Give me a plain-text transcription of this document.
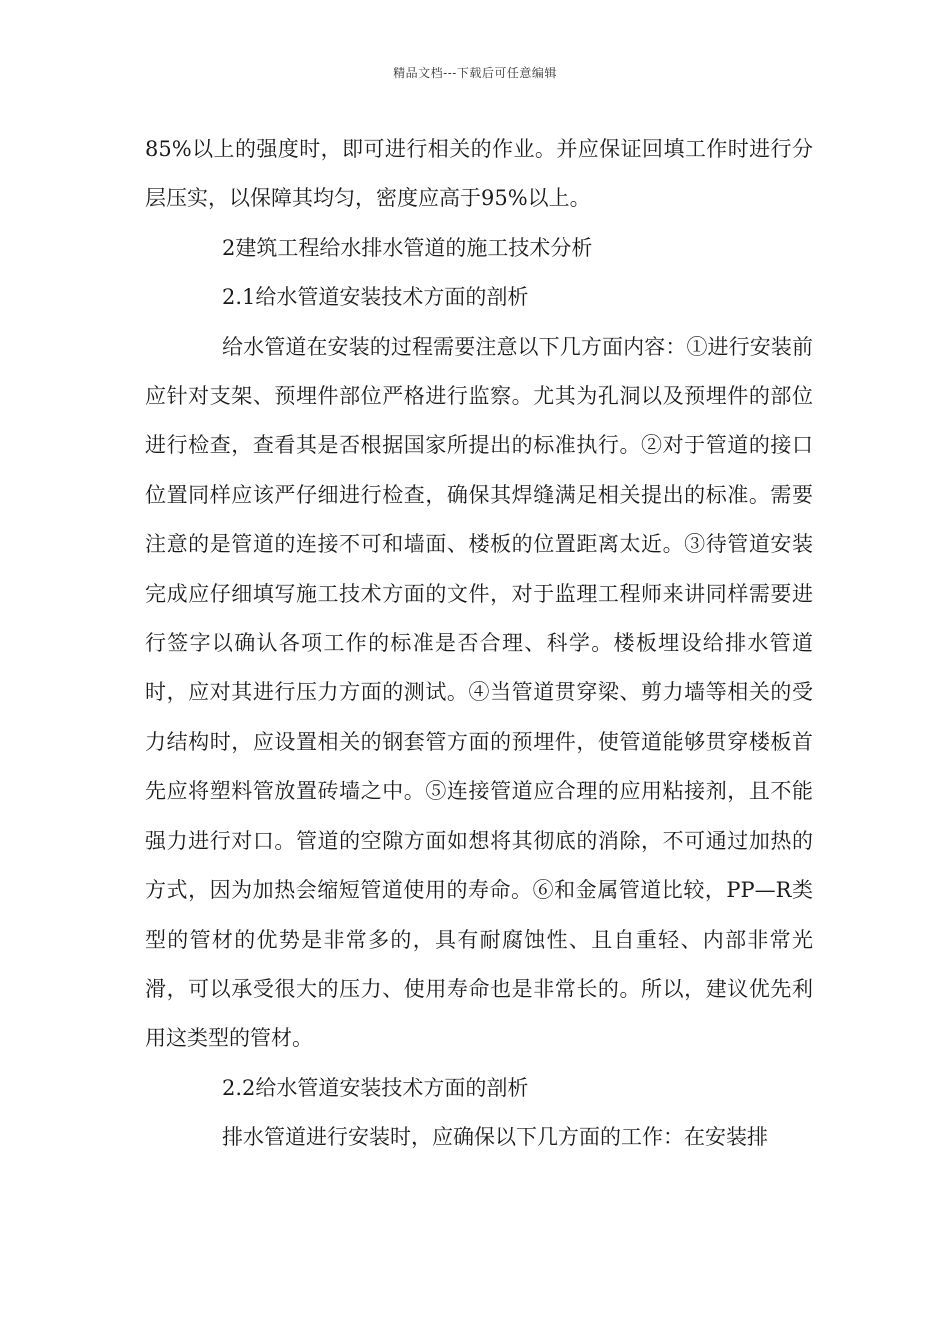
精品文档---下载后可任意编辑

85%以上的强度时，即可进行相关的作业。并应保证回填工作时进行分层压实，以保障其均匀，密度应高于95%以上。

2建筑工程给水排水管道的施工技术分析

2.1给水管道安装技术方面的剖析

给水管道在安装的过程需要注意以下几方面内容：①进行安装前应针对支架、预埋件部位严格进行监察。尤其为孔洞以及预埋件的部位进行检查，查看其是否根据国家所提出的标准执行。②对于管道的接口位置同样应该严仔细进行检查，确保其焊缝满足相关提出的标准。需要注意的是管道的连接不可和墙面、楼板的位置距离太近。③待管道安装完成应仔细填写施工技术方面的文件，对于监理工程师来讲同样需要进行签字以确认各项工作的标准是否合理、科学。楼板埋设给排水管道时，应对其进行压力方面的测试。④当管道贯穿梁、剪力墙等相关的受力结构时，应设置相关的钢套管方面的预埋件，使管道能够贯穿楼板首先应将塑料管放置砖墙之中。⑤连接管道应合理的应用粘接剂，且不能强力进行对口。管道的空隙方面如想将其彻底的消除，不可通过加热的方式，因为加热会缩短管道使用的寿命。⑥和金属管道比较，PP—R类型的管材的优势是非常多的，具有耐腐蚀性、且自重轻、内部非常光滑，可以承受很大的压力、使用寿命也是非常长的。所以，建议优先利用这类型的管材。

2.2给水管道安装技术方面的剖析

排水管道进行安装时，应确保以下几方面的工作：在安装排
